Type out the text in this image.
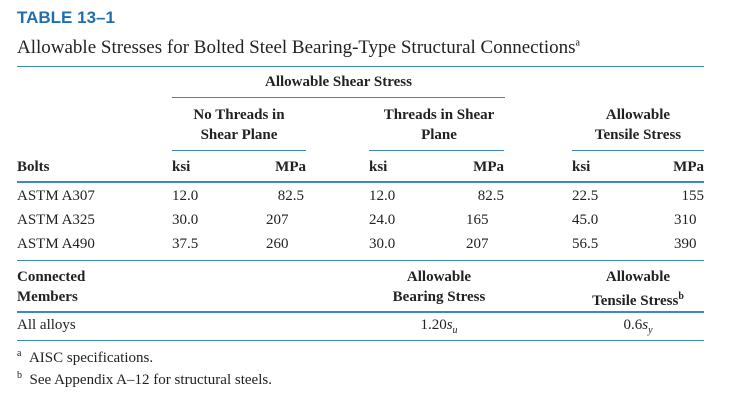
TABLE 13–1
Allowable Stresses for Bolted Steel Bearing-Type Structural Connections$^a$
Allowable Shear Stress
No Threads in
Shear Plane
Threads in Shear
Plane
Allowable
Tensile Stress
Bolts	ksi	MPa	ksi	MPa	ksi	MPa
ASTM A307	12.0	82.5	12.0	82.5	22.5	155
ASTM A325	30.0	207	24.0	165	45.0	310
ASTM A490	37.5	260	30.0	207	56.5	390
Connected
Members
Allowable
Bearing Stress
Allowable
Tensile Stress$^b$
All alloys	$1.20s_u$	$0.6s_y$
$^a$ AISC specifications.
$^b$ See Appendix A–12 for structural steels.
